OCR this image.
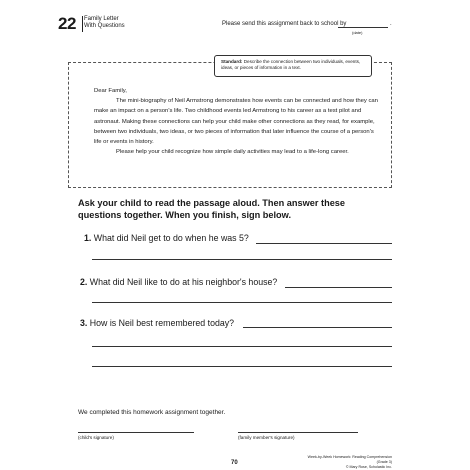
22 Family Letter
With Questions	Please send this assignment back to school by	.
(date)
Standard: Describe the connection between two individuals, events, ideas, or pieces of information in a text.

Dear Family,

The mini-biography of Neil Armstrong demonstrates how events can be connected and how they can make an impact on a person's life. Two childhood events led Armstrong to his career as a test pilot and astronaut. Making these connections can help your child make other connections as they read, for example, between two individuals, two ideas, or two pieces of information that later influence the course of a person's life or events in history.

Please help your child recognize how simple daily activities may lead to a life-long career.

Ask your child to read the passage aloud. Then answer these questions together. When you finish, sign below.
1. What did Neil get to do when he was 5?
2. What did Neil like to do at his neighbor's house?
3. How is Neil best remembered today?
We completed this homework assignment together.
(child's signature)	(family member's signature)
70
Week-by-Week Homework: Reading Comprehension (Grade 3)
© Mary Rose, Scholastic Inc.
